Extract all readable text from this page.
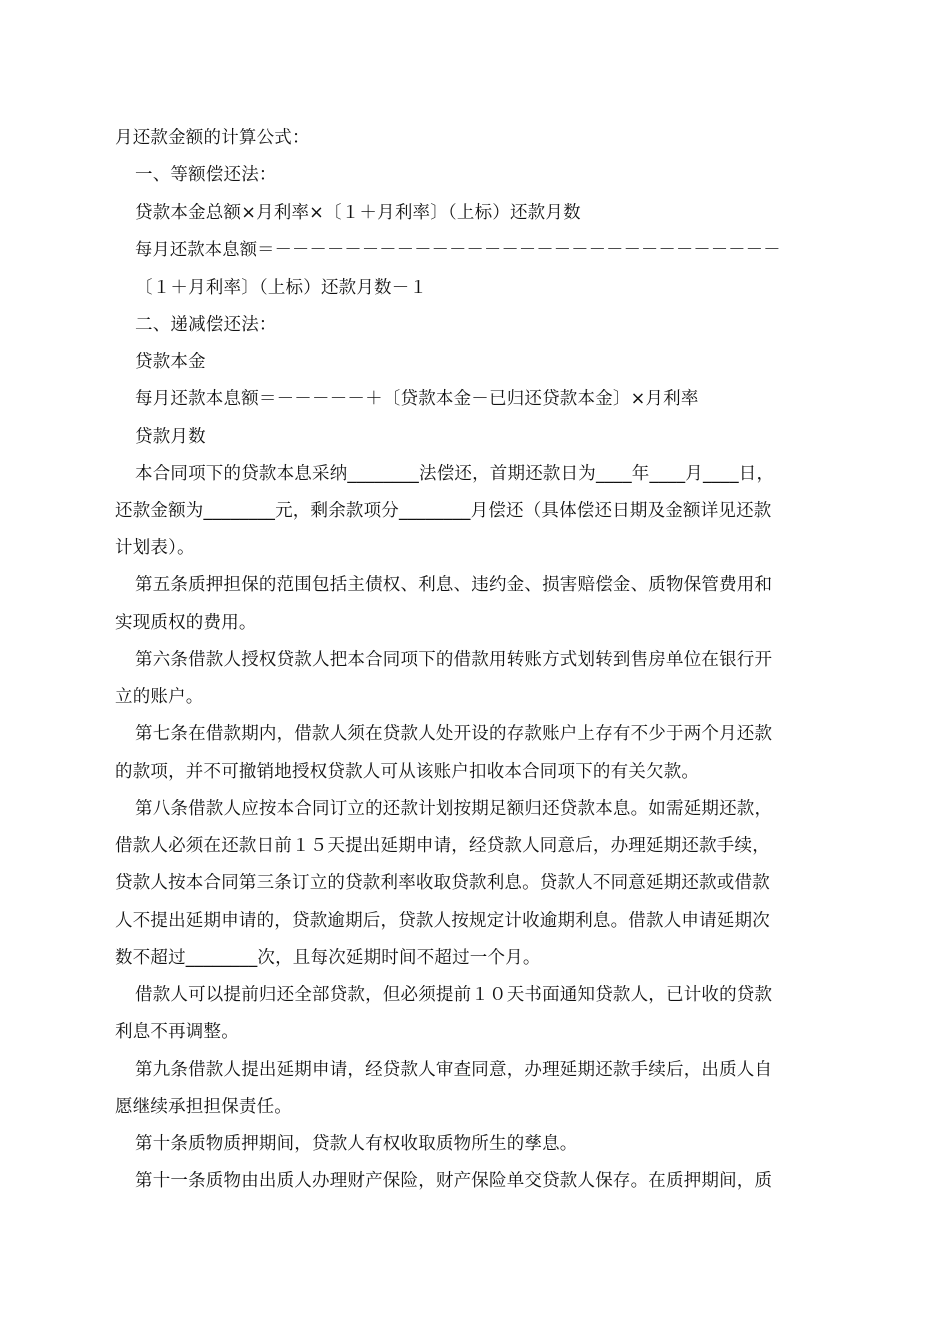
月还款金额的计算公式：
一、等额偿还法：
贷款本金总额×月利率×〔１＋月利率〕（上标）还款月数
每月还款本息额＝－－－－－－－－－－－－－－－－－－－－－－－－－－－－－
〔１＋月利率〕（上标）还款月数－１
二、递减偿还法：
贷款本金
每月还款本息额＝－－－－－＋〔贷款本金－已归还贷款本金〕×月利率
贷款月数
本合同项下的贷款本息采纳________法偿还，首期还款日为____年____月____日，
还款金额为________元，剩余款项分________月偿还（具体偿还日期及金额详见还款
计划表）。
第五条质押担保的范围包括主债权、利息、违约金、损害赔偿金、质物保管费用和
实现质权的费用。
第六条借款人授权贷款人把本合同项下的借款用转账方式划转到售房单位在银行开
立的账户。
第七条在借款期内，借款人须在贷款人处开设的存款账户上存有不少于两个月还款
的款项，并不可撤销地授权贷款人可从该账户扣收本合同项下的有关欠款。
第八条借款人应按本合同订立的还款计划按期足额归还贷款本息。如需延期还款，
借款人必须在还款日前１５天提出延期申请，经贷款人同意后，办理延期还款手续，
贷款人按本合同第三条订立的贷款利率收取贷款利息。贷款人不同意延期还款或借款
人不提出延期申请的，贷款逾期后，贷款人按规定计收逾期利息。借款人申请延期次
数不超过________次，且每次延期时间不超过一个月。
借款人可以提前归还全部贷款，但必须提前１０天书面通知贷款人，已计收的贷款
利息不再调整。
第九条借款人提出延期申请，经贷款人审查同意，办理延期还款手续后，出质人自
愿继续承担担保责任。
第十条质物质押期间，贷款人有权收取质物所生的孳息。
第十一条质物由出质人办理财产保险，财产保险单交贷款人保存。在质押期间，质
